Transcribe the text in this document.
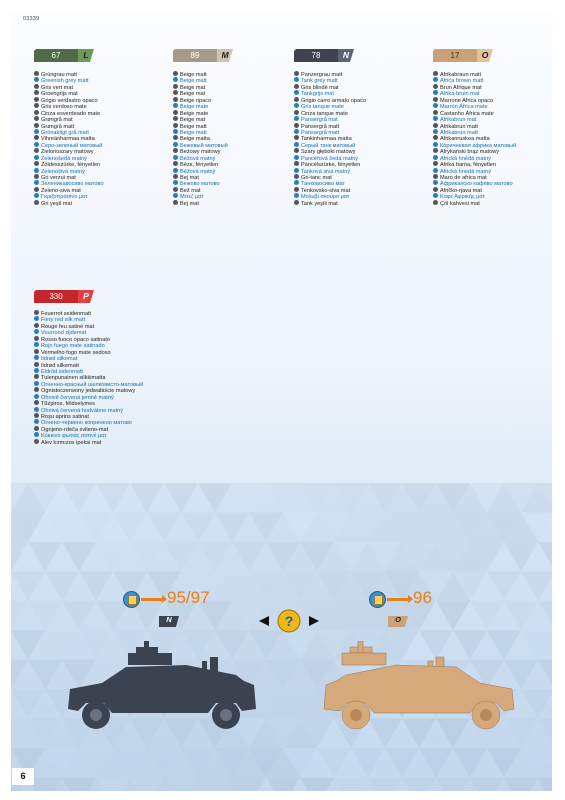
03339
67	L
Grüngrau matt
Greenish grey matt
Gris vert mat
Groengrijs mat
Grigio verdastro opaco
Gris verdoso mate
Cinza esverdeado mate
Grøngrå mat
Grøngrå matt
Grönaktigt grå matt
Vihreänharmaa matta
Серо-зеленый матовый
Zielonoszary matowy
Zelenošedá matný
Zöldesszürke, fényetlen
Zelenošivá matný
Gri verzui mat
Зеленикавосиво матово
Zeleno-siva mat
Γκριζοπράσινο ματ
Gri yeşil mat
89	M
Beige matt
Beige matt
Beige mat
Beige mat
Beige opaco
Beige mate
Beige mate
Beige mat
Beige matt
Beige matt
Beige matta
Бежевый матовый
Beżowy matowy
Béžová matný
Bézs, fényetlen
Béžová matný
Bej mat
Бежово матово
Bež mat
Μπεζ ματ
Bej mat
78	N
Panzergrau matt
Tank grey matt
Gris blindé mat
Tankgrijs mat
Grigio carro armato opaco
Gris tanque mate
Cinza tanque mate
Pansergrå mat
Pansergrå matt
Pansargrå matt
Tankinharmaa matta
Серый танк матовый
Szary głęboki matowy
Pancéřová šedá matný
Páncélszürke, fényetlen
Tanková sivá matný
Gri-tanc mat
Танковосиво мат
Tenkovsko-siva mat
Μολυβί σκούρο ματ
Tank yeşili mat
17	O
Afrikabraun matt
Africa brown matt
Brun Afrique mat
Afrika-bruin mat
Marrone Africa opaco
Marrón África mate
Castanho África mate
Afrikabrun mat
Afrikabrun matt
Afrikabrun matt
Afrikanruskea matta
Коричневая африка матовый
Afrykański brąz matowy
Africká hnědá matný
Afrika barna, fényetlen
Africká hnedá matný
Maro de africa mat
Африканско кафяво матово
Afričko-rjava mat
Καφέ Αφρικής ματ
Çöl kahvesi mat
330	P
Feuerrot seidenmatt
Fiery red silk matt
Rouge feu satiné mat
Vuurrood zijdemat
Rosso fuoco opaco satinato
Rojo fuego mate satinado
Vermelho fogo mate sedoso
Ildrød silkemat
Ildrød silkematt
Eldröd sidenmatt
Tulenpunainen silkkimatta
Огненно-красный шелковисто-матовый
Ognistoczerwony jedwabiście matowy
Ohnivě červená jemně matný
Tűzpiros, féldselymes
Ohnivá červená hodvábne matný
Roşu aprins satinat
Огнено-червено копринено матово
Ognjeno-rdeča svileno-mat
Κόκκινο φωτιάς σατινέ ματ
Alev kırmızısı ipeksi mat
95/97
N	?
96
O
6
